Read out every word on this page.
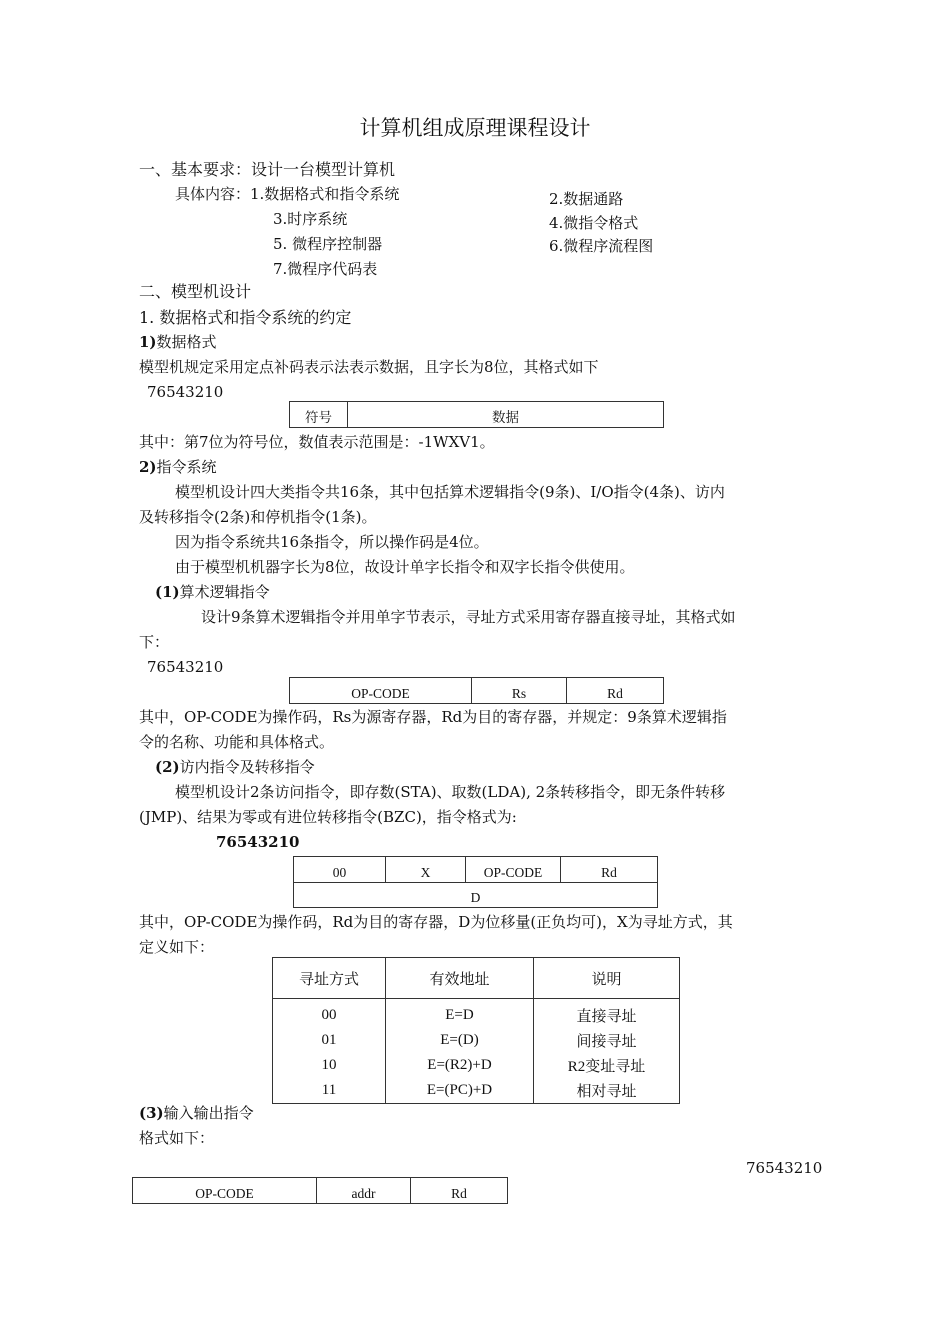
计算机组成原理课程设计
一、基本要求：设计一台模型计算机
具体内容：1.数据格式和指令系统	2.数据通路
3.时序系统	4.微指令格式
5. 微程序控制器	6.微程序流程图
7.微程序代码表
二、模型机设计
1. 数据格式和指令系统的约定
1)数据格式
模型机规定采用定点补码表示法表示数据，且字长为8位，其格式如下
76543210
符号	数据
其中：第7位为符号位，数值表示范围是：-1WXV1。
2)指令系统
模型机设计四大类指令共16条，其中包括算术逻辑指令(9条)、I/O指令(4条)、访内
及转移指令(2条)和停机指令(1条)。
因为指令系统共16条指令，所以操作码是4位。
由于模型机机器字长为8位，故设计单字长指令和双字长指令供使用。
(1)算术逻辑指令
设计9条算术逻辑指令并用单字节表示，寻址方式采用寄存器直接寻址，其格式如
下：
76543210
OP-CODE	Rs	Rd
其中，OP-CODE为操作码，Rs为源寄存器，Rd为目的寄存器，并规定：9条算术逻辑指
令的名称、功能和具体格式。
(2)访内指令及转移指令
模型机设计2条访问指令，即存数(STA)、取数(LDA), 2条转移指令，即无条件转移
(JMP)、结果为零或有进位转移指令(BZC)，指令格式为:
76543210
00	X	OP-CODE	Rd
D
其中，OP-CODE为操作码，Rd为目的寄存器，D为位移量(正负均可)，X为寻址方式，其
定义如下：
寻址方式	有效地址	说明
00	E=D	直接寻址
01	E=(D)	间接寻址
10	E=(R2)+D	R2变址寻址
11	E=(PC)+D	相对寻址
(3)输入输出指令
格式如下：
76543210
OP-CODE	addr	Rd
